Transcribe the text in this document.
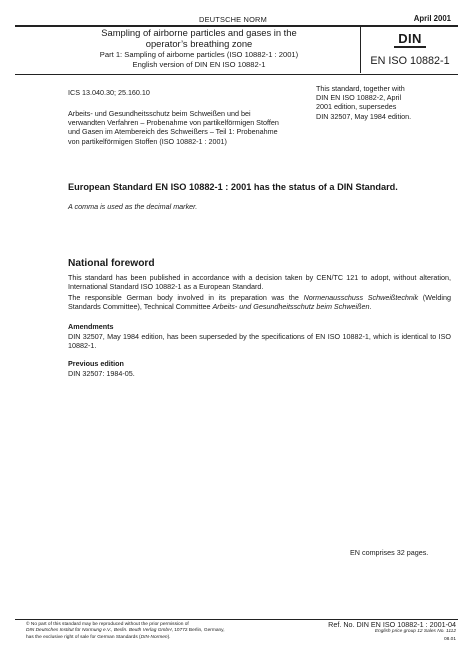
DEUTSCHE NORM	April 2001
Sampling of airborne particles and gases in the
operator’s breathing zone
Part 1: Sampling of airborne particles (ISO 10882-1 : 2001)
English version of DIN EN ISO 10882-1
DIN
EN ISO 10882-1
ICS 13.040.30; 25.160.10	This standard, together with
DIN EN ISO 10882-2, April
2001 edition, supersedes
DIN 32507, May 1984 edition.
Arbeits- und Gesundheitsschutz beim Schweißen und bei
verwandten Verfahren – Probenahme von partikelförmigen Stoffen
und Gasen im Atembereich des Schweißers – Teil 1: Probenahme
von partikelförmigen Stoffen (ISO 10882-1 : 2001)
European Standard EN ISO 10882-1 : 2001 has the status of a DIN Standard.
A comma is used as the decimal marker.
National foreword
This standard has been published in accordance with a decision taken by CEN/TC 121 to adopt, without alteration, International Standard ISO 10882-1 as a European Standard.
The responsible German body involved in its preparation was the Normenausschuss Schweißtechnik (Welding Standards Committee), Technical Committee Arbeits- und Gesundheitsschutz beim Schweißen.
Amendments
DIN 32507, May 1984 edition, has been superseded by the specifications of EN ISO 10882-1, which is identical to ISO 10882-1.
Previous edition
DIN 32507: 1984-05.
EN comprises 32 pages.
© No part of this standard may be reproduced without the prior permission of
DIN Deutsches Institut für Normung e.V., Berlin. Beuth Verlag GmbH, 10772 Berlin, Germany,
has the exclusive right of sale for German Standards (DIN-Normen).
Ref. No. DIN EN ISO 10882-1 : 2001-04
English price group 12 Sales No. 1112
08.01
